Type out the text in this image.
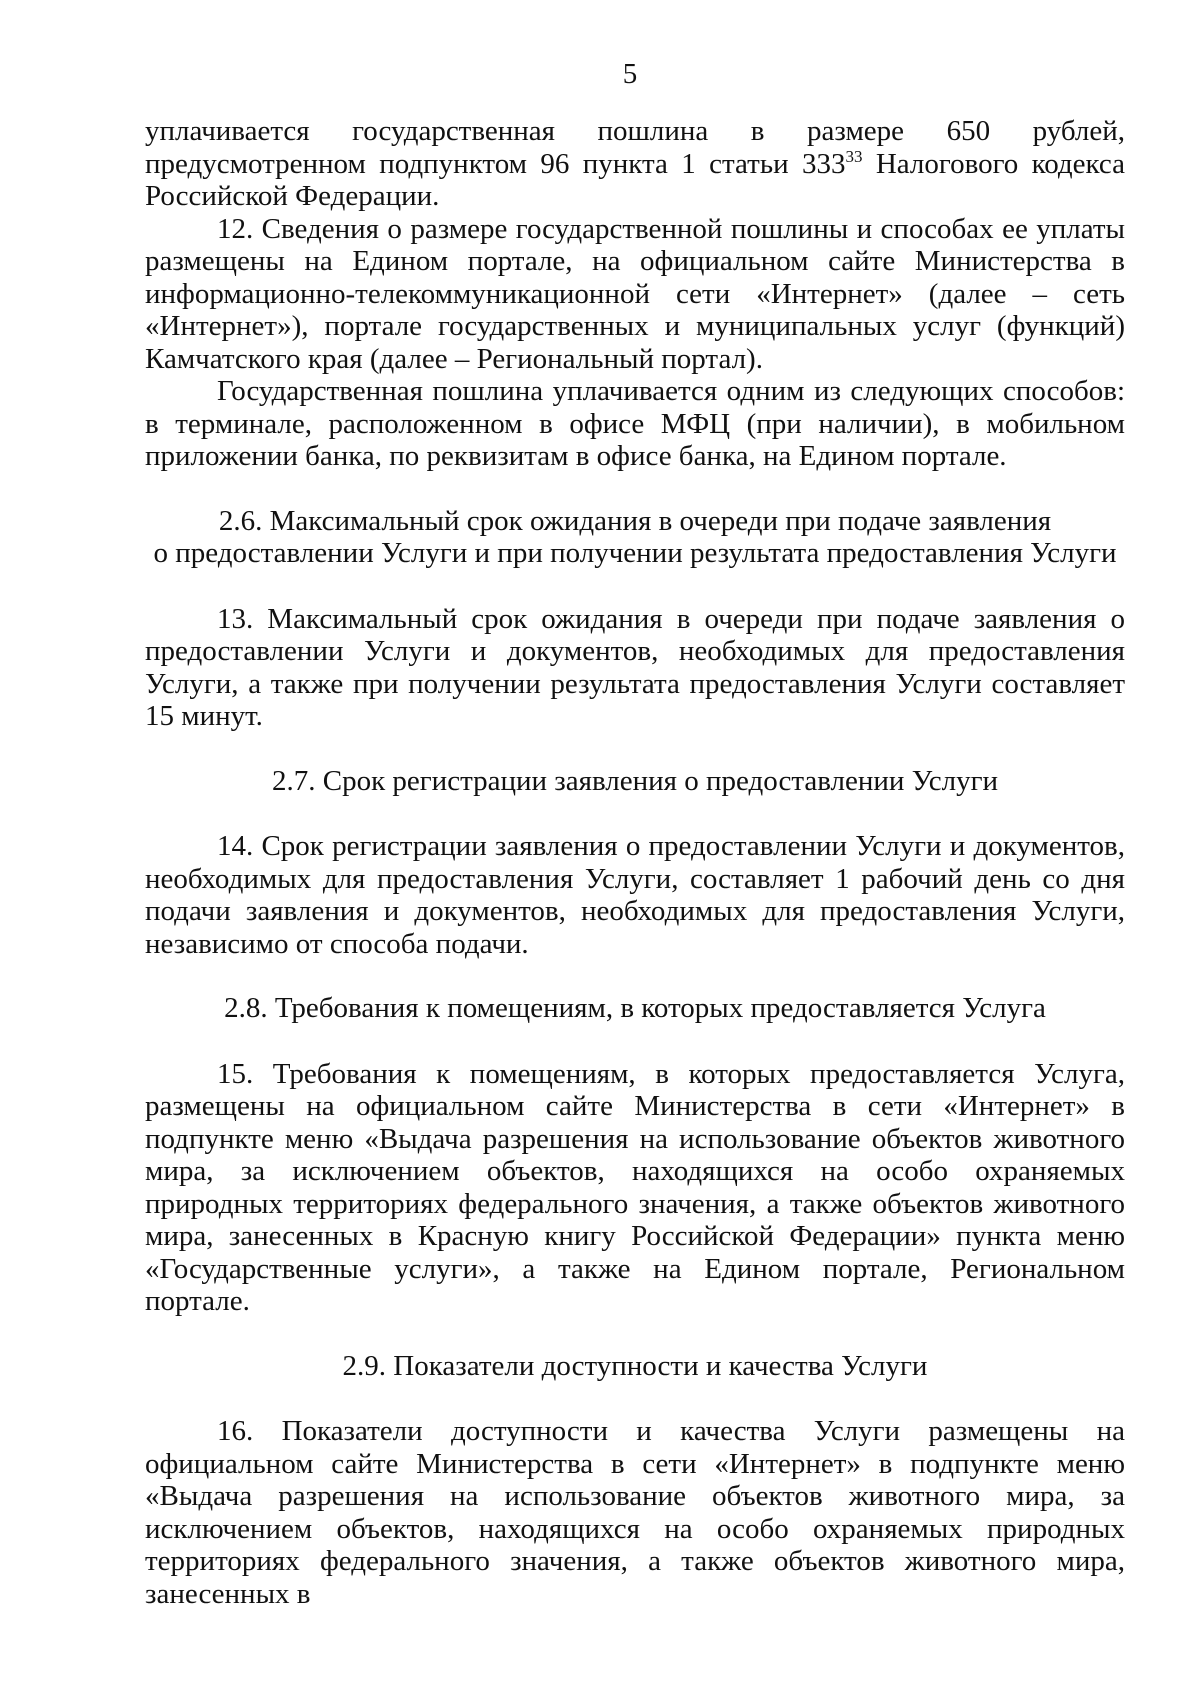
5

уплачивается государственная пошлина в размере 650 рублей, предусмотренном подпунктом 96 пункта 1 статьи $333^{33}$ Налогового кодекса Российской Федерации.

12. Сведения о размере государственной пошлины и способах ее уплаты размещены на Едином портале, на официальном сайте Министерства в информационно-телекоммуникационной сети «Интернет» (далее – сеть «Интернет»), портале государственных и муниципальных услуг (функций) Камчатского края (далее – Региональный портал).

Государственная пошлина уплачивается одним из следующих способов: в терминале, расположенном в офисе МФЦ (при наличии), в мобильном приложении банка, по реквизитам в офисе банка, на Едином портале.

2.6. Максимальный срок ожидания в очереди при подаче заявления
о предоставлении Услуги и при получении результата предоставления Услуги

13. Максимальный срок ожидания в очереди при подаче заявления о предоставлении Услуги и документов, необходимых для предоставления Услуги, а также при получении результата предоставления Услуги составляет 15 минут.

2.7. Срок регистрации заявления о предоставлении Услуги

14. Срок регистрации заявления о предоставлении Услуги и документов, необходимых для предоставления Услуги, составляет 1 рабочий день со дня подачи заявления и документов, необходимых для предоставления Услуги, независимо от способа подачи.

2.8. Требования к помещениям, в которых предоставляется Услуга

15. Требования к помещениям, в которых предоставляется Услуга, размещены на официальном сайте Министерства в сети «Интернет» в подпункте меню «Выдача разрешения на использование объектов животного мира, за исключением объектов, находящихся на особо охраняемых природных территориях федерального значения, а также объектов животного мира, занесенных в Красную книгу Российской Федерации» пункта меню «Государственные услуги», а также на Едином портале, Региональном портале.

2.9. Показатели доступности и качества Услуги

16. Показатели доступности и качества Услуги размещены на официальном сайте Министерства в сети «Интернет» в подпункте меню «Выдача разрешения на использование объектов животного мира, за исключением объектов, находящихся на особо охраняемых природных территориях федерального значения, а также объектов животного мира, занесенных в
